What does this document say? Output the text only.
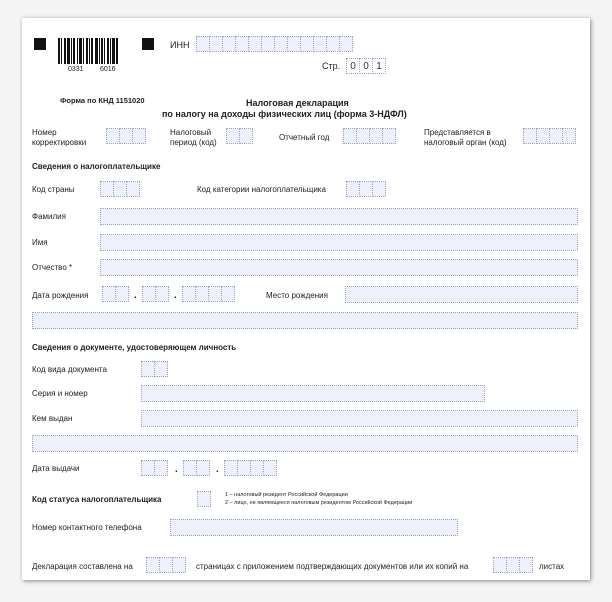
0331 6016
ИНН
Стр.	0 0 1
Форма по КНД 1151020	Налоговая декларация
по налогу на доходы физических лиц (форма 3-НДФЛ)
Номер
корректировки
Налоговый
период (код)
Отчетный год
Представляется в
налоговый орган (код)
Сведения о налогоплательщике
Код страны	Код категории налогоплательщика
Фамилия
Имя
Отчество *
Дата рождения	.	.	Место рождения
Сведения о документе, удостоверяющем личность
Код вида документа
Серия и номер
Кем выдан
Дата выдачи	.	.
Код статуса налогоплательщика	1 – налоговый резидент Российской Федерации
2 – лицо, не являющееся налоговым резидентом Российской Федерации
Номер контактного телефона
Декларация составлена на	страницах с приложением подтверждающих документов или их копий на	листах
